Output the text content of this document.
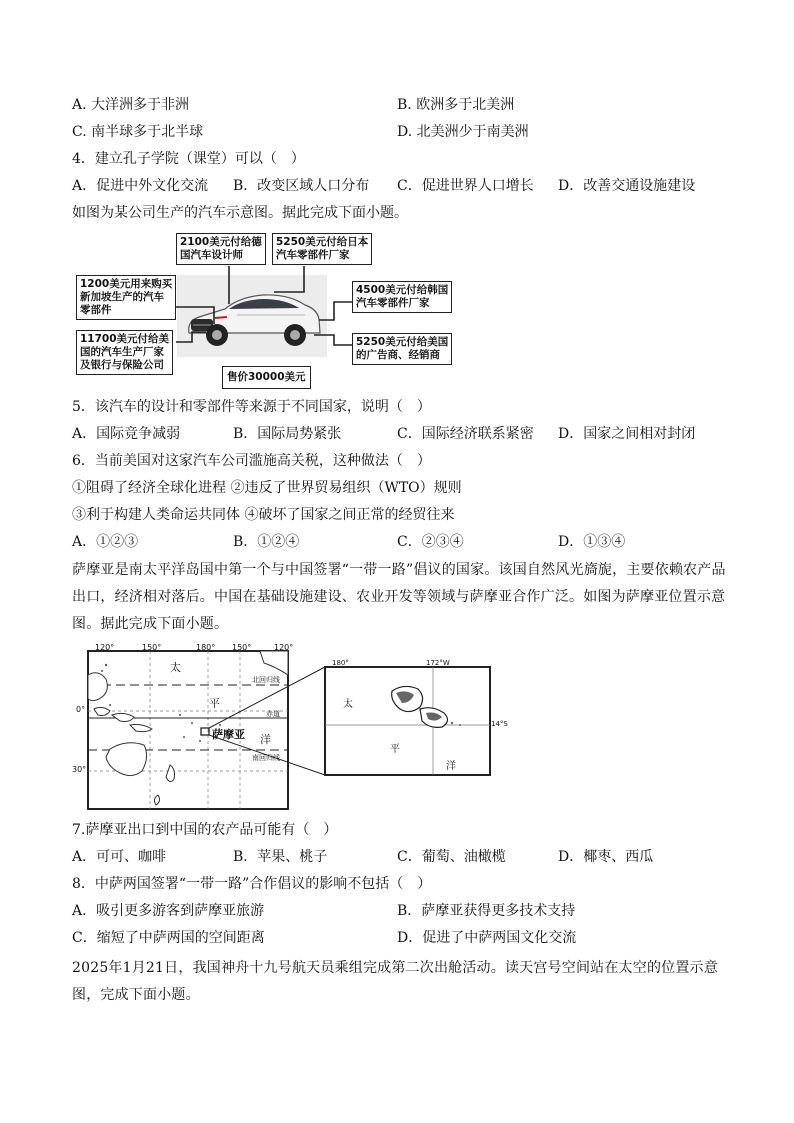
A. 大洋洲多于非洲	B. 欧洲多于北美洲
C. 南半球多于北半球	D. 北美洲少于南美洲
4．建立孔子学院（课堂）可以（　）
A．促进中外文化交流 B．改变区域人口分布 C．促进世界人口增长 D．改善交通设施建设
如图为某公司生产的汽车示意图。据此完成下面小题。
2100美元付给德
国汽车设计师
5250美元付给日本
汽车零部件厂家
1200美元用来购买
新加坡生产的汽车
零部件
4500美元付给韩国
汽车零部件厂家
11700美元付给美
国的汽车生产厂家
及银行与保险公司
5250美元付给美国
的广告商、经销商
售价30000美元
5．该汽车的设计和零部件等来源于不同国家，说明（　）
A．国际竞争减弱	B．国际局势紧张	C．国际经济联系紧密 D．国家之间相对封闭
6．当前美国对这家汽车公司滥施高关税，这种做法（　）
①阻碍了经济全球化进程 ②违反了世界贸易组织（WTO）规则
③利于构建人类命运共同体 ④破坏了国家之间正常的经贸往来
A．①②③	B．①②④	C．②③④	D．①③④
萨摩亚是南太平洋岛国中第一个与中国签署“一带一路”倡议的国家。该国自然风光旖旎，主要依赖农产品出口，经济相对落后。中国在基础设施建设、农业开发等领域与萨摩亚合作广泛。如图为萨摩亚位置示意图。据此完成下面小题。
120°	150°	180° 150°	120°
0°
30°
太
平
洋
北回归线
赤道
南回归线
萨摩亚
180°	172°W
14°S
太
平
洋
7.萨摩亚出口到中国的农产品可能有（　）
A．可可、咖啡	B．苹果、桃子	C．葡萄、油橄榄	D．椰枣、西瓜
8．中萨两国签署“一带一路”合作倡议的影响不包括（　）
A．吸引更多游客到萨摩亚旅游	B．萨摩亚获得更多技术支持
C．缩短了中萨两国的空间距离	D．促进了中萨两国文化交流
2025年1月21日，我国神舟十九号航天员乘组完成第二次出舱活动。读天宫号空间站在太空的位置示意图，完成下面小题。
